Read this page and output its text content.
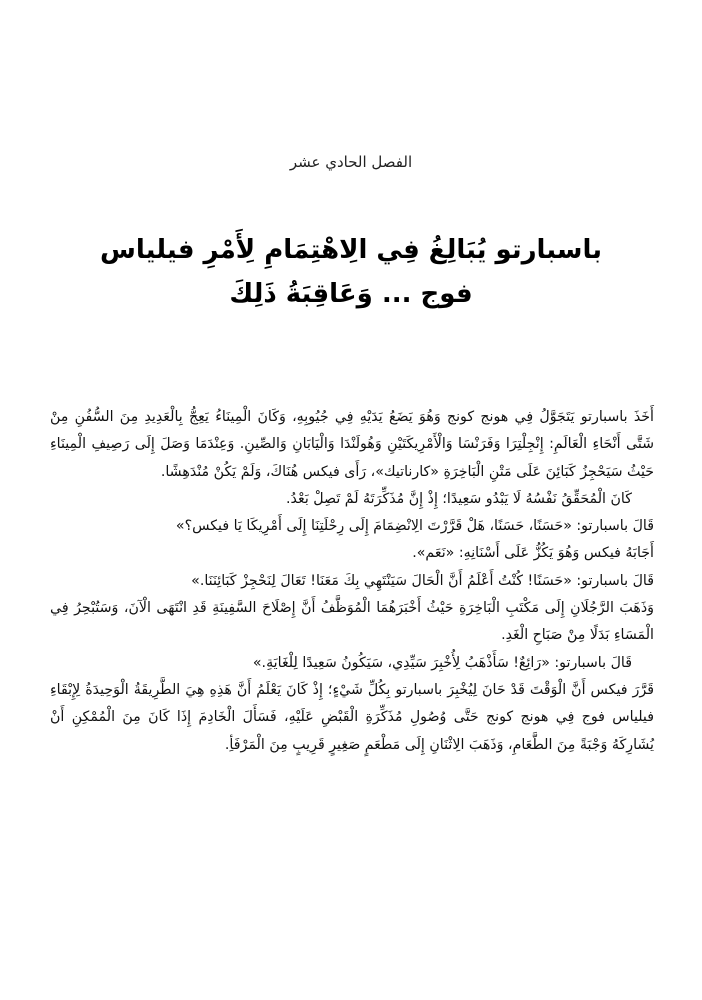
الفصل الحادي عشر
باسبارتو يُبَالِغُ فِي الِاهْتِمَامِ لِأَمْرِ فيلياس
فوج ... وَعَاقِبَةُ ذَلِكَ

أَخَذَ باسبارتو يَتَجَوَّلُ فِي هونج كونج وَهُوَ يَضَعُ يَدَيْهِ فِي جُيُوبِهِ، وَكَانَ الْمِينَاءُ يَعِجُّ بِالْعَدِيدِ مِنَ السُّفُنِ مِنْ شَتَّى أَنْحَاءِ الْعَالَمِ: إِنْجِلْتِرَا وَفَرَنْسَا وَالْأَمْرِيكَتَيْنِ وَهُولَنْدَا وَالْيَابَانِ وَالصِّينِ. وَعِنْدَمَا وَصَلَ إِلَى رَصِيفِ الْمِينَاءِ حَيْثُ سَيَحْجِزُ كَبَائِنَ عَلَى مَتْنِ الْبَاخِرَةِ «كارناتيك»، رَأَى فيكس هُنَاكَ، وَلَمْ يَكُنْ مُنْدَهِشًا.

كَانَ الْمُحَقِّقُ نَفْسُهُ لَا يَبْدُو سَعِيدًا؛ إِذْ إِنَّ مُذَكِّرَتَهُ لَمْ تَصِلْ بَعْدُ.

قَالَ باسبارتو: «حَسَنًا، حَسَنًا، هَلْ قَرَّرْتَ الِانْضِمَامَ إِلَى رِحْلَتِنَا إِلَى أَمْرِيكَا يَا فيكس؟»

أَجَابَهُ فيكس وَهُوَ يَكُزُّ عَلَى أَسْنَانِهِ: «نَعَم».

قَالَ باسبارتو: «حَسَنًا! كُنْتُ أَعْلَمُ أَنَّ الْحَالَ سَيَنْتَهِي بِكَ مَعَنَا! تَعَالَ لِنَحْجِزْ كَبَائِنَنَا.»

وَذَهَبَ الرَّجُلَانِ إِلَى مَكْتَبِ الْبَاخِرَةِ حَيْثُ أَخْبَرَهُمَا الْمُوَظَّفُ أَنَّ إِصْلَاحَ السَّفِينَةِ قَدِ انْتَهَى الْآنَ، وَسَتُبْحِرُ فِي الْمَسَاءِ بَدَلًا مِنْ صَبَاحِ الْغَدِ.

قَالَ باسبارتو: «رَائِعٌ! سَأَذْهَبُ لِأُخْبِرَ سَيِّدِي، سَيَكُونُ سَعِيدًا لِلْغَايَةِ.»

قَرَّرَ فيكس أَنَّ الْوَقْتَ قَدْ حَانَ لِيُخْبِرَ باسبارتو بِكُلِّ شَيْءٍ؛ إِذْ كَانَ يَعْلَمُ أَنَّ هَذِهِ هِيَ الطَّرِيقَةُ الْوَحِيدَةُ لِإِبْقَاءِ فيلياس فوج فِي هونج كونج حَتَّى وُصُولِ مُذَكِّرَةِ الْقَبْضِ عَلَيْهِ، فَسَأَلَ الْخَادِمَ إِذَا كَانَ مِنَ الْمُمْكِنِ أَنْ يُشَارِكَهُ وَجْبَةً مِنَ الطَّعَامِ، وَذَهَبَ الِاثْنَانِ إِلَى مَطْعَمٍ صَغِيرٍ قَرِيبٍ مِنَ الْمَرْفَأِ.
